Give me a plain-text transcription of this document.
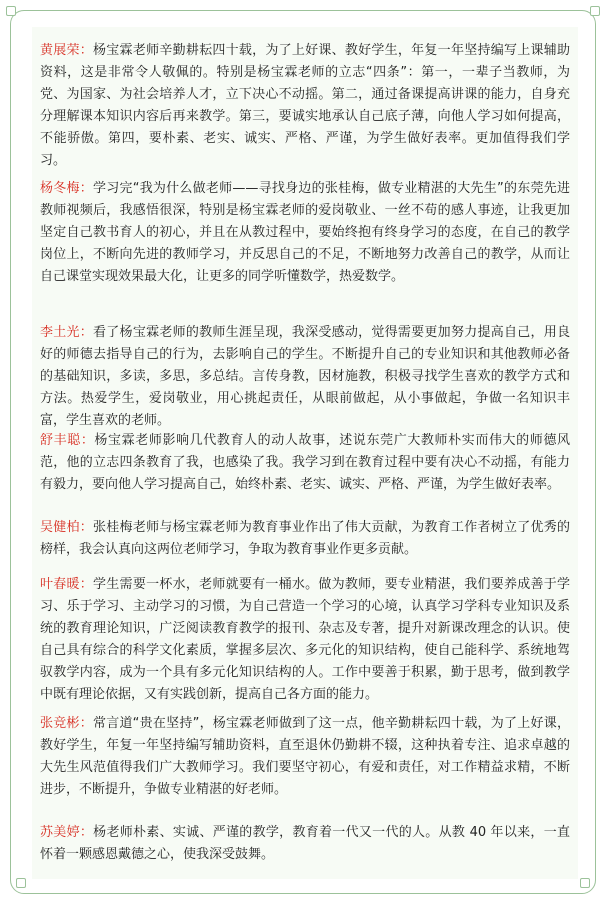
黄展荣：杨宝霖老师辛勤耕耘四十载，为了上好课、教好学生，年复一年坚持编写上课辅助资料，这是非常令人敬佩的。特别是杨宝霖老师的立志“四条”：第一，一辈子当教师，为党、为国家、为社会培养人才，立下决心不动摇。第二，通过备课提高讲课的能力，自身充分理解课本知识内容后再来教学。第三，要诚实地承认自己底子薄，向他人学习如何提高，不能骄傲。第四，要朴素、老实、诚实、严格、严谨，为学生做好表率。更加值得我们学习。

杨冬梅：学习完“我为什么做老师——寻找身边的张桂梅，做专业精湛的大先生”的东莞先进教师视频后，我感悟很深，特别是杨宝霖老师的爱岗敬业、一丝不苟的感人事迹，让我更加坚定自己教书育人的初心，并且在从教过程中，要始终抱有终身学习的态度，在自己的教学岗位上，不断向先进的教师学习，并反思自己的不足，不断地努力改善自己的教学，从而让自己课堂实现效果最大化，让更多的同学听懂数学，热爱数学。

李土光：看了杨宝霖老师的教师生涯呈现，我深受感动，觉得需要更加努力提高自己，用良好的师德去指导自己的行为，去影响自己的学生。不断提升自己的专业知识和其他教师必备的基础知识，多读，多思，多总结。言传身教，因材施教，积极寻找学生喜欢的教学方式和方法。热爱学生，爱岗敬业，用心挑起责任，从眼前做起，从小事做起，争做一名知识丰富，学生喜欢的老师。

舒丰聪：杨宝霖老师影响几代教育人的动人故事，述说东莞广大教师朴实而伟大的师德风范，他的立志四条教育了我，也感染了我。我学习到在教育过程中要有决心不动摇，有能力有毅力，要向他人学习提高自己，始终朴素、老实、诚实、严格、严谨，为学生做好表率。

吴健柏：张桂梅老师与杨宝霖老师为教育事业作出了伟大贡献，为教育工作者树立了优秀的榜样，我会认真向这两位老师学习，争取为教育事业作更多贡献。

叶春暖：学生需要一杯水，老师就要有一桶水。做为教师，要专业精湛，我们要养成善于学习、乐于学习、主动学习的习惯，为自己营造一个学习的心境，认真学习学科专业知识及系统的教育理论知识，广泛阅读教育教学的报刊、杂志及专著，提升对新课改理念的认识。使自己具有综合的科学文化素质，掌握多层次、多元化的知识结构，使自己能科学、系统地驾驭教学内容，成为一个具有多元化知识结构的人。工作中要善于积累，勤于思考，做到教学中既有理论依据，又有实践创新，提高自己各方面的能力。

张竞彬：常言道“贵在坚持”，杨宝霖老师做到了这一点，他辛勤耕耘四十载，为了上好课，教好学生，年复一年坚持编写辅助资料，直至退休仍勤耕不辍，这种执着专注、追求卓越的大先生风范值得我们广大教师学习。我们要坚守初心，有爱和责任，对工作精益求精，不断进步，不断提升，争做专业精湛的好老师。

苏美婷：杨老师朴素、实诚、严谨的教学，教育着一代又一代的人。从教 40 年以来，一直怀着一颗感恩戴德之心，使我深受鼓舞。
